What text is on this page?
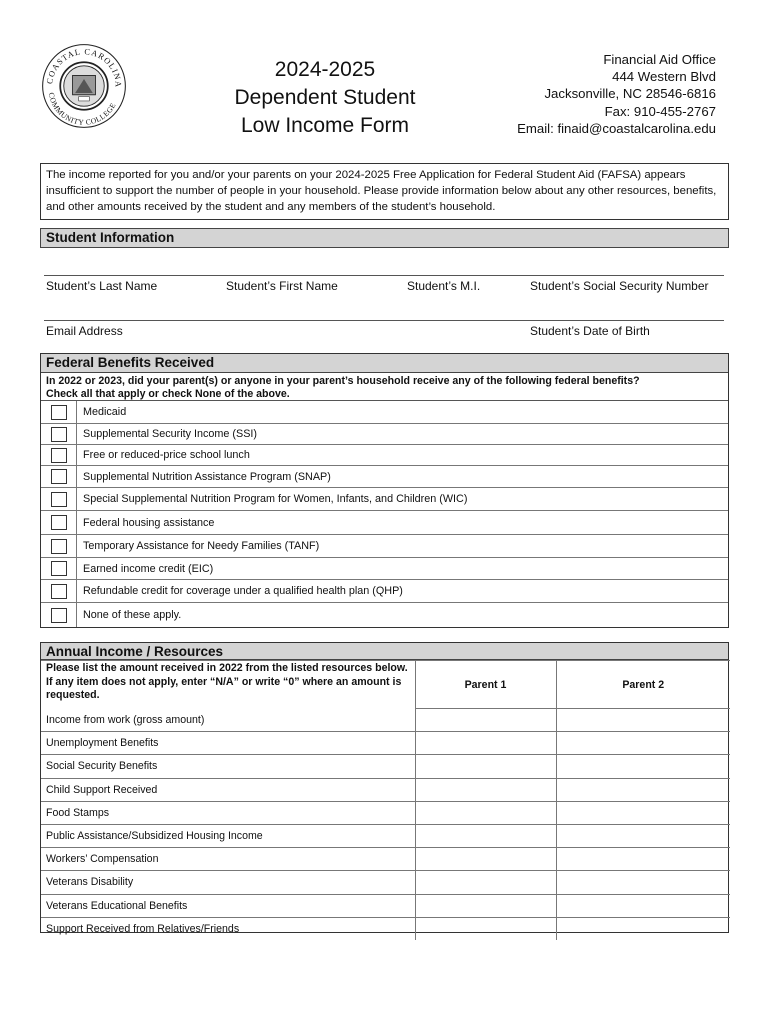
COASTAL CAROLINA
COMMUNITY COLLEGE
2024-2025
Dependent Student
Low Income Form
Financial Aid Office
444 Western Blvd
Jacksonville, NC 28546-6816
Fax: 910-455-2767
Email: finaid@coastalcarolina.edu
The income reported for you and/or your parents on your 2024-2025 Free Application for Federal Student Aid (FAFSA) appears insufficient to support the number of people in your household. Please provide information below about any other resources, benefits, and other amounts received by the student and any members of the student’s household.
Student Information
Student’s Last Name	Student’s First Name	Student’s M.I.	Student’s Social Security Number
Email Address	Student’s Date of Birth
Federal Benefits Received
In 2022 or 2023, did your parent(s) or anyone in your parent’s household receive any of the following federal benefits?
Check all that apply or check None of the above.
Medicaid
Supplemental Security Income (SSI)
Free or reduced-price school lunch
Supplemental Nutrition Assistance Program (SNAP)
Special Supplemental Nutrition Program for Women, Infants, and Children (WIC)
Federal housing assistance
Temporary Assistance for Needy Families (TANF)
Earned income credit (EIC)
Refundable credit for coverage under a qualified health plan (QHP)
None of these apply.
Annual Income / Resources
Please list the amount received in 2022 from the listed resources below. If any item does not apply, enter “N/A” or write “0” where an amount is requested.	Parent 1	Parent 2
Income from work (gross amount)		
Unemployment Benefits		
Social Security Benefits		
Child Support Received		
Food Stamps		
Public Assistance/Subsidized Housing Income		
Workers’ Compensation		
Veterans Disability		
Veterans Educational Benefits		
Support Received from Relatives/Friends		
